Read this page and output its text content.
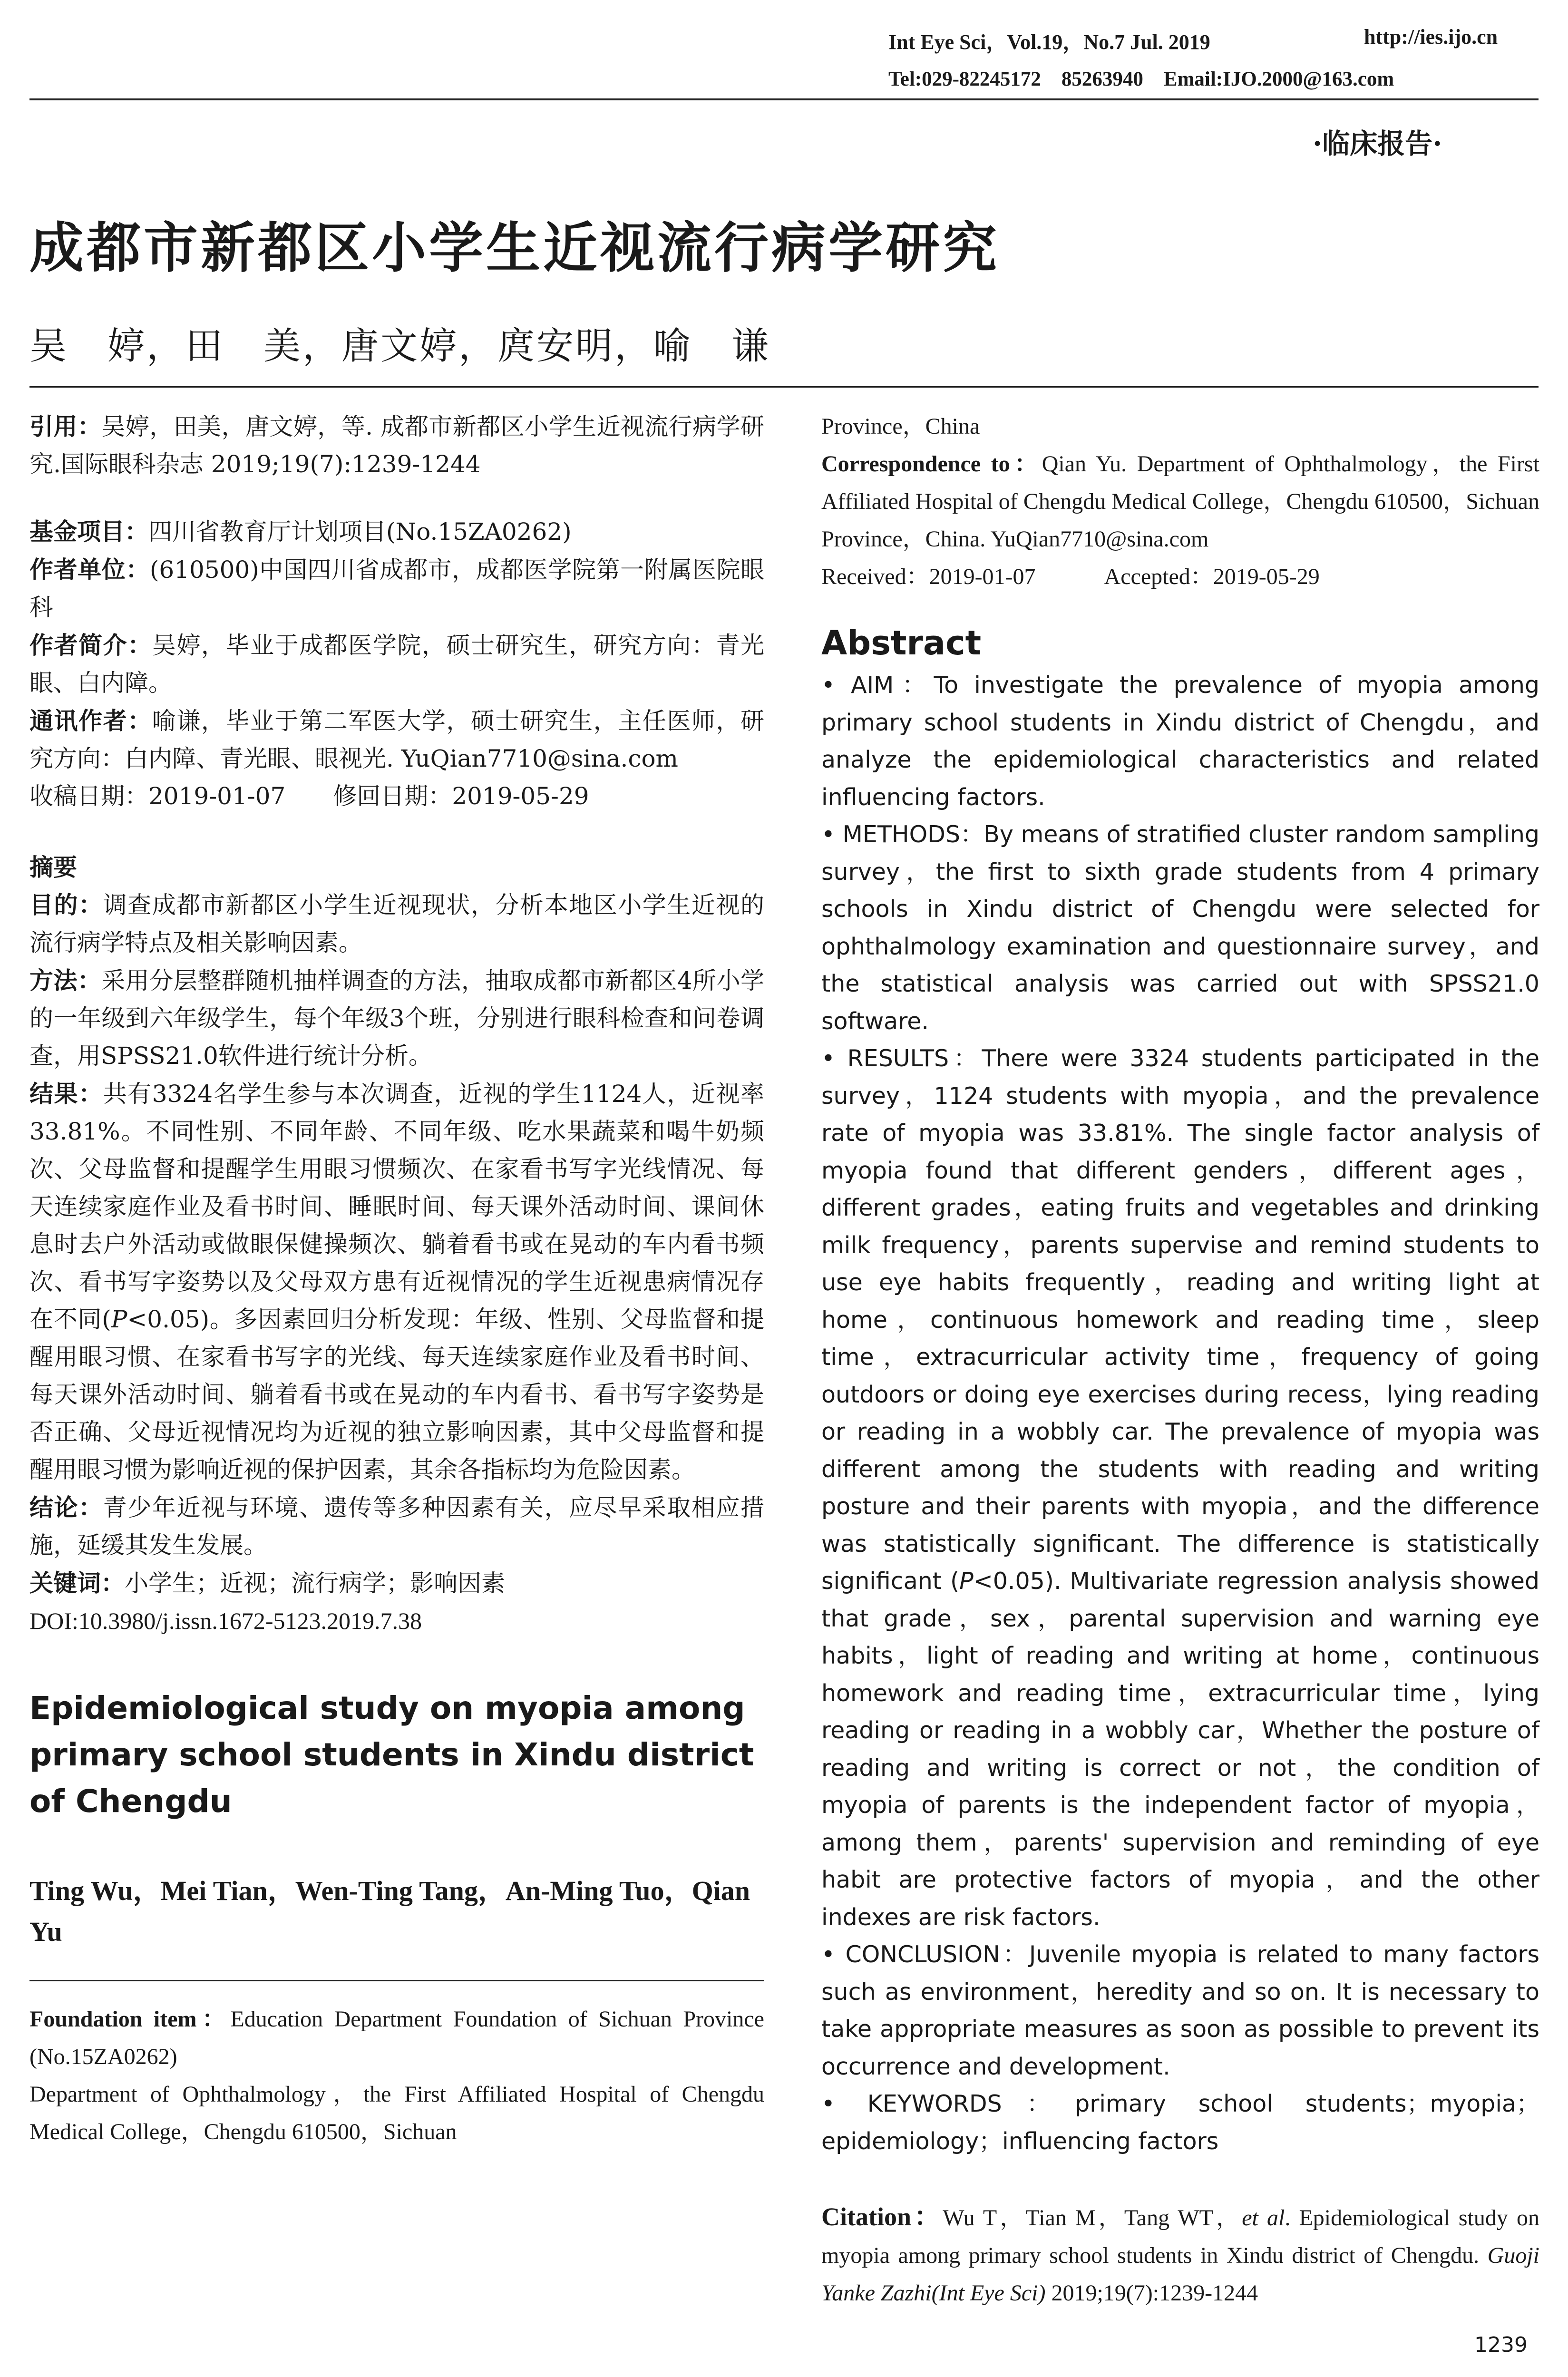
Int Eye Sci，Vol.19，No.7 Jul. 2019	http://ies.ijo.cn
Tel:029-82245172　85263940　Email:IJO.2000@163.com
·临床报告·
成都市新都区小学生近视流行病学研究
吴　婷，田　美，唐文婷，庹安明，喻　谦

引用：吴婷，田美，唐文婷，等. 成都市新都区小学生近视流行病学研究.国际眼科杂志 2019;19(7):1239-1244

基金项目：四川省教育厅计划项目(No.15ZA0262)

作者单位：(610500)中国四川省成都市，成都医学院第一附属医院眼科

作者简介：吴婷，毕业于成都医学院，硕士研究生，研究方向：青光眼、白内障。

通讯作者：喻谦，毕业于第二军医大学，硕士研究生，主任医师，研究方向：白内障、青光眼、眼视光. YuQian7710@sina.com

收稿日期：2019-01-07　　修回日期：2019-05-29

摘要

目的：调查成都市新都区小学生近视现状，分析本地区小学生近视的流行病学特点及相关影响因素。

方法：采用分层整群随机抽样调查的方法，抽取成都市新都区4所小学的一年级到六年级学生，每个年级3个班，分别进行眼科检查和问卷调查，用SPSS21.0软件进行统计分析。

结果：共有3324名学生参与本次调查，近视的学生1124人，近视率33.81%。不同性别、不同年龄、不同年级、吃水果蔬菜和喝牛奶频次、父母监督和提醒学生用眼习惯频次、在家看书写字光线情况、每天连续家庭作业及看书时间、睡眠时间、每天课外活动时间、课间休息时去户外活动或做眼保健操频次、躺着看书或在晃动的车内看书频次、看书写字姿势以及父母双方患有近视情况的学生近视患病情况存在不同(P<0.05)。多因素回归分析发现：年级、性别、父母监督和提醒用眼习惯、在家看书写字的光线、每天连续家庭作业及看书时间、每天课外活动时间、躺着看书或在晃动的车内看书、看书写字姿势是否正确、父母近视情况均为近视的独立影响因素，其中父母监督和提醒用眼习惯为影响近视的保护因素，其余各指标均为危险因素。

结论：青少年近视与环境、遗传等多种因素有关，应尽早采取相应措施，延缓其发生发展。

关键词：小学生；近视；流行病学；影响因素

DOI:10.3980/j.issn.1672-5123.2019.7.38

Epidemiological study on myopia among primary school students in Xindu district of Chengdu

Ting Wu，Mei Tian，Wen-Ting Tang，An-Ming Tuo，Qian Yu

Foundation item：Education Department Foundation of Sichuan Province (No.15ZA0262)

Department of Ophthalmology，the First Affiliated Hospital of Chengdu Medical College，Chengdu 610500，Sichuan

Province，China

Correspondence to：Qian Yu. Department of Ophthalmology，the First Affiliated Hospital of Chengdu Medical College，Chengdu 610500，Sichuan Province，China. YuQian7710@sina.com

Received：2019-01-07　　　Accepted：2019-05-29

Abstract

• AIM：To investigate the prevalence of myopia among primary school students in Xindu district of Chengdu，and analyze the epidemiological characteristics and related influencing factors.

• METHODS：By means of stratified cluster random sampling survey，the first to sixth grade students from 4 primary schools in Xindu district of Chengdu were selected for ophthalmology examination and questionnaire survey，and the statistical analysis was carried out with SPSS21.0 software.

• RESULTS：There were 3324 students participated in the survey，1124 students with myopia，and the prevalence rate of myopia was 33.81%. The single factor analysis of myopia found that different genders，different ages，different grades，eating fruits and vegetables and drinking milk frequency，parents supervise and remind students to use eye habits frequently，reading and writing light at home，continuous homework and reading time，sleep time，extracurricular activity time，frequency of going outdoors or doing eye exercises during recess，lying reading or reading in a wobbly car. The prevalence of myopia was different among the students with reading and writing posture and their parents with myopia，and the difference was statistically significant. The difference is statistically significant (P<0.05). Multivariate regression analysis showed that grade，sex，parental supervision and warning eye habits，light of reading and writing at home，continuous homework and reading time，extracurricular time，lying reading or reading in a wobbly car，Whether the posture of reading and writing is correct or not，the condition of myopia of parents is the independent factor of myopia，among them，parents' supervision and reminding of eye habit are protective factors of myopia，and the other indexes are risk factors.

• CONCLUSION：Juvenile myopia is related to many factors such as environment，heredity and so on. It is necessary to take appropriate measures as soon as possible to prevent its occurrence and development.

• KEYWORDS：primary school students；myopia；epidemiology；influencing factors

Citation：Wu T，Tian M，Tang WT，et al. Epidemiological study on myopia among primary school students in Xindu district of Chengdu. Guoji Yanke Zazhi(Int Eye Sci) 2019;19(7):1239-1244

1239
